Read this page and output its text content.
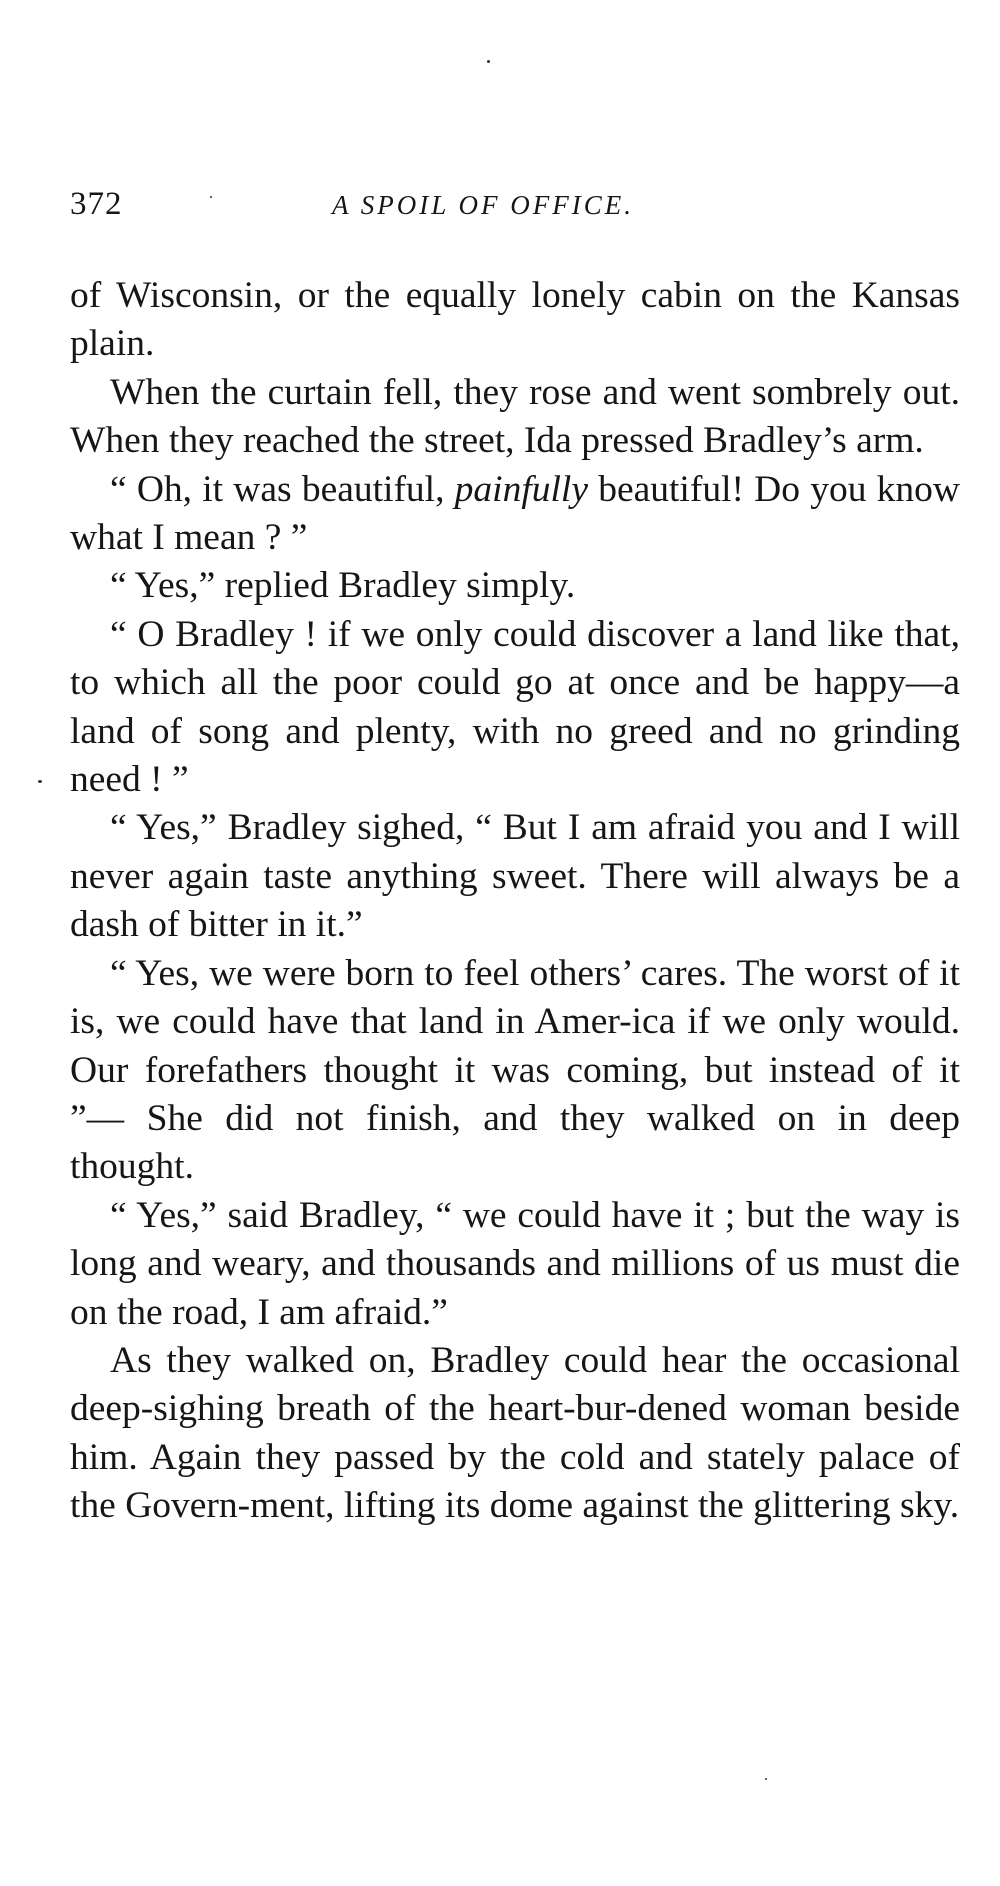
372	A SPOIL OF OFFICE.

of Wisconsin, or the equally lonely cabin on the Kansas plain.

When the curtain fell, they rose and went sombrely out. When they reached the street, Ida pressed Bradley’s arm.

“ Oh, it was beautiful, painfully beautiful! Do you know what I mean ? ”

“ Yes,” replied Bradley simply.

“ O Bradley ! if we only could discover a land like that, to which all the poor could go at once and be happy—a land of song and plenty, with no greed and no grinding need ! ”

“ Yes,” Bradley sighed, “ But I am afraid you and I will never again taste anything sweet. There will always be a dash of bitter in it.”

“ Yes, we were born to feel others’ cares. The worst of it is, we could have that land in Amer-ica if we only would. Our forefathers thought it was coming, but instead of it ”— She did not finish, and they walked on in deep thought.

“ Yes,” said Bradley, “ we could have it ; but the way is long and weary, and thousands and millions of us must die on the road, I am afraid.”

As they walked on, Bradley could hear the occasional deep-sighing breath of the heart-bur-dened woman beside him. Again they passed by the cold and stately palace of the Govern-ment, lifting its dome against the glittering sky.
